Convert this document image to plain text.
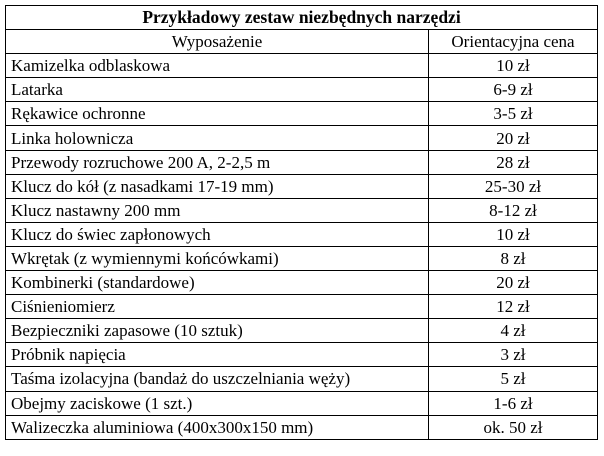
Przykładowy zestaw niezbędnych narzędzi	
Wyposażenie	Orientacyjna cena
Kamizelka odblaskowa	10 zł
Latarka	6-9 zł
Rękawice ochronne	3-5 zł
Linka holownicza	20 zł
Przewody rozruchowe 200 A, 2-2,5 m	28 zł
Klucz do kół (z nasadkami 17-19 mm)	25-30 zł
Klucz nastawny 200 mm	8-12 zł
Klucz do świec zapłonowych	10 zł
Wkrętak (z wymiennymi końcówkami)	8 zł
Kombinerki (standardowe)	20 zł
Ciśnieniomierz	12 zł
Bezpieczniki zapasowe (10 sztuk)	4 zł
Próbnik napięcia	3 zł
Taśma izolacyjna (bandaż do uszczelniania węży)	5 zł
Obejmy zaciskowe (1 szt.)	1-6 zł
Walizeczka aluminiowa (400x300x150 mm)	ok. 50 zł
